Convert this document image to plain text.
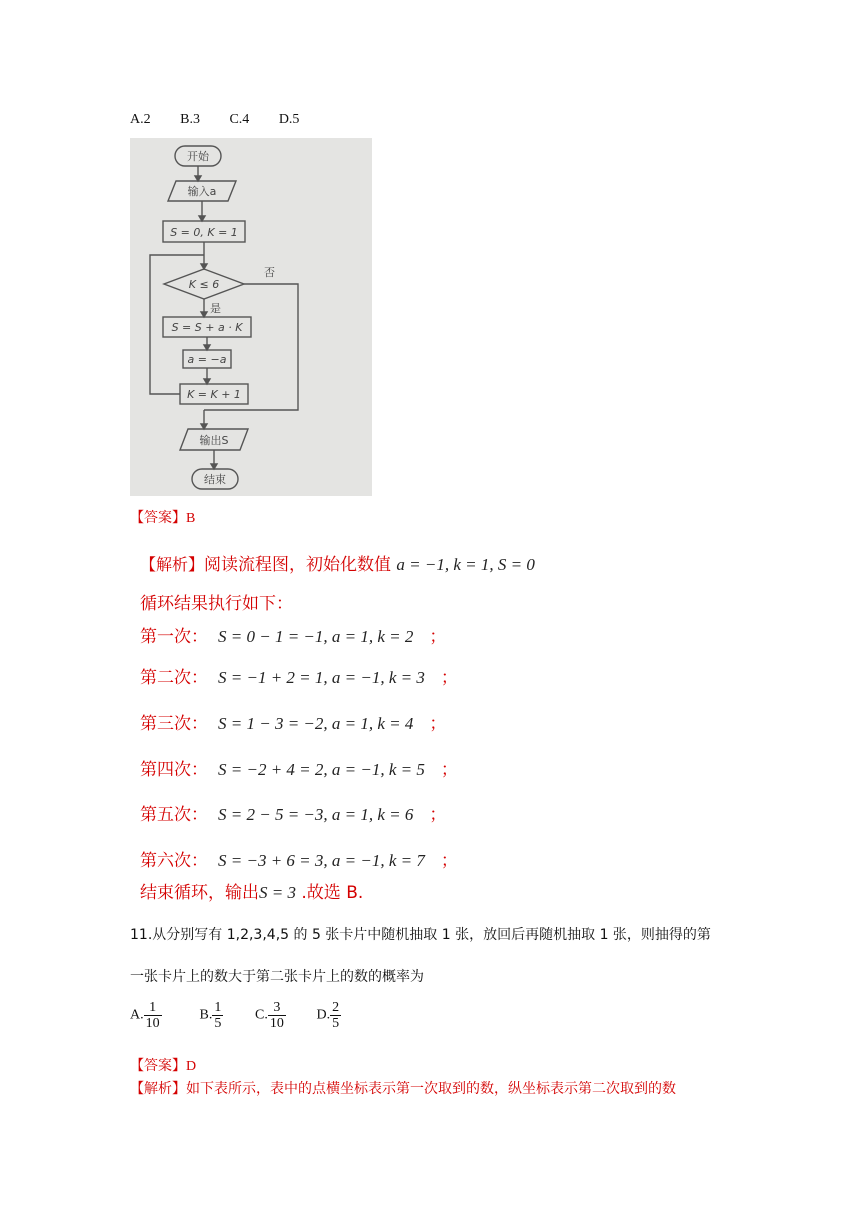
A.2 B.3 C.4 D.5
开始
输入a
S = 0, K = 1
K ≤ 6
否
是
S = S + a · K
a = −a
K = K + 1
输出S
结束
【答案】B
【解析】阅读流程图，初始化数值 a = −1, k = 1, S = 0
循环结果执行如下：
第一次： S = 0 − 1 = −1, a = 1, k = 2 ；
第二次： S = −1 + 2 = 1, a = −1, k = 3 ；
第三次： S = 1 − 3 = −2, a = 1, k = 4 ；
第四次： S = −2 + 4 = 2, a = −1, k = 5 ；
第五次： S = 2 − 5 = −3, a = 1, k = 6 ；
第六次： S = −3 + 6 = 3, a = −1, k = 7 ；
结束循环，输出S = 3 .故选 B.
11.从分别写有 1,2,3,4,5 的 5 张卡片中随机抽取 1 张，放回后再随机抽取 1 张，则抽得的第
一张卡片上的数大于第二张卡片上的数的概率为
A. $\frac{1}{10}$	B. $\frac{1}{5} C$. $\frac{3}{10} D$. $\frac{2}{5}$
【答案】D
【解析】如下表所示，表中的点横坐标表示第一次取到的数，纵坐标表示第二次取到的数
